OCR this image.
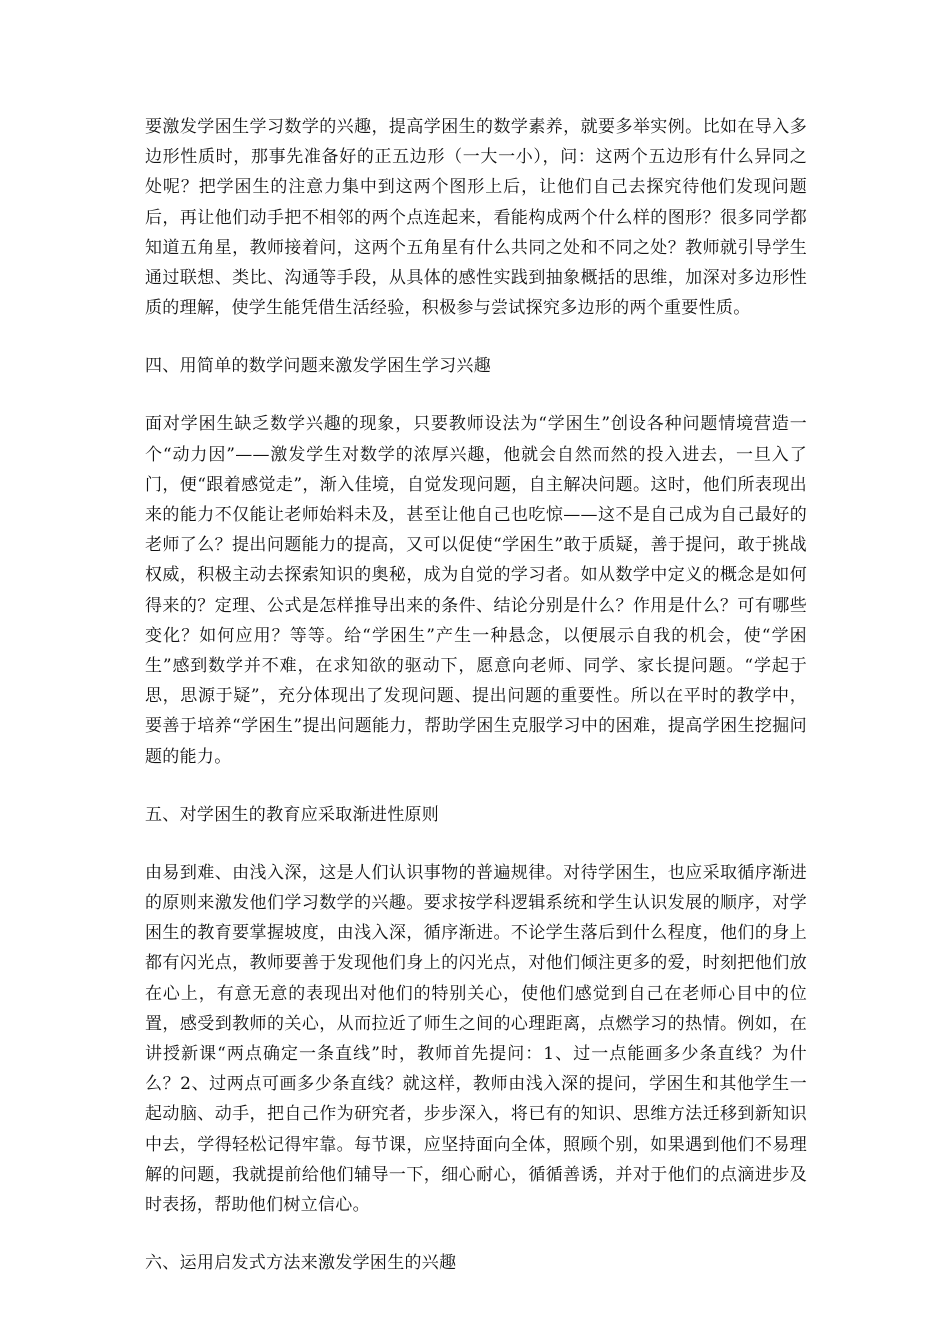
要激发学困生学习数学的兴趣，提高学困生的数学素养，就要多举实例。比如在导入多边形性质时，那事先准备好的正五边形（一大一小），问：这两个五边形有什么异同之处呢？把学困生的注意力集中到这两个图形上后，让他们自己去探究待他们发现问题后，再让他们动手把不相邻的两个点连起来，看能构成两个什么样的图形？很多同学都知道五角星，教师接着问，这两个五角星有什么共同之处和不同之处？教师就引导学生通过联想、类比、沟通等手段，从具体的感性实践到抽象概括的思维，加深对多边形性质的理解，使学生能凭借生活经验，积极参与尝试探究多边形的两个重要性质。

四、用简单的数学问题来激发学困生学习兴趣

面对学困生缺乏数学兴趣的现象，只要教师设法为“学困生”创设各种问题情境营造一个“动力因”——激发学生对数学的浓厚兴趣，他就会自然而然的投入进去，一旦入了门，便“跟着感觉走”，渐入佳境，自觉发现问题，自主解决问题。这时，他们所表现出来的能力不仅能让老师始料未及，甚至让他自己也吃惊——这不是自己成为自己最好的老师了么？提出问题能力的提高，又可以促使“学困生”敢于质疑，善于提问，敢于挑战权威，积极主动去探索知识的奥秘，成为自觉的学习者。如从数学中定义的概念是如何得来的？定理、公式是怎样推导出来的条件、结论分别是什么？作用是什么？可有哪些变化？如何应用？等等。给“学困生”产生一种悬念，以便展示自我的机会，使“学困生”感到数学并不难，在求知欲的驱动下，愿意向老师、同学、家长提问题。“学起于思，思源于疑”，充分体现出了发现问题、提出问题的重要性。所以在平时的教学中，要善于培养“学困生”提出问题能力，帮助学困生克服学习中的困难，提高学困生挖掘问题的能力。

五、对学困生的教育应采取渐进性原则

由易到难、由浅入深，这是人们认识事物的普遍规律。对待学困生，也应采取循序渐进的原则来激发他们学习数学的兴趣。要求按学科逻辑系统和学生认识发展的顺序，对学困生的教育要掌握坡度，由浅入深，循序渐进。不论学生落后到什么程度，他们的身上都有闪光点，教师要善于发现他们身上的闪光点，对他们倾注更多的爱，时刻把他们放在心上，有意无意的表现出对他们的特别关心，使他们感觉到自己在老师心目中的位置，感受到教师的关心，从而拉近了师生之间的心理距离，点燃学习的热情。例如，在讲授新课“两点确定一条直线”时，教师首先提问：1、过一点能画多少条直线？为什么？2、过两点可画多少条直线？就这样，教师由浅入深的提问，学困生和其他学生一起动脑、动手，把自己作为研究者，步步深入，将已有的知识、思维方法迁移到新知识中去，学得轻松记得牢靠。每节课，应坚持面向全体，照顾个别，如果遇到他们不易理解的问题，我就提前给他们辅导一下，细心耐心，循循善诱，并对于他们的点滴进步及时表扬，帮助他们树立信心。

六、运用启发式方法来激发学困生的兴趣
